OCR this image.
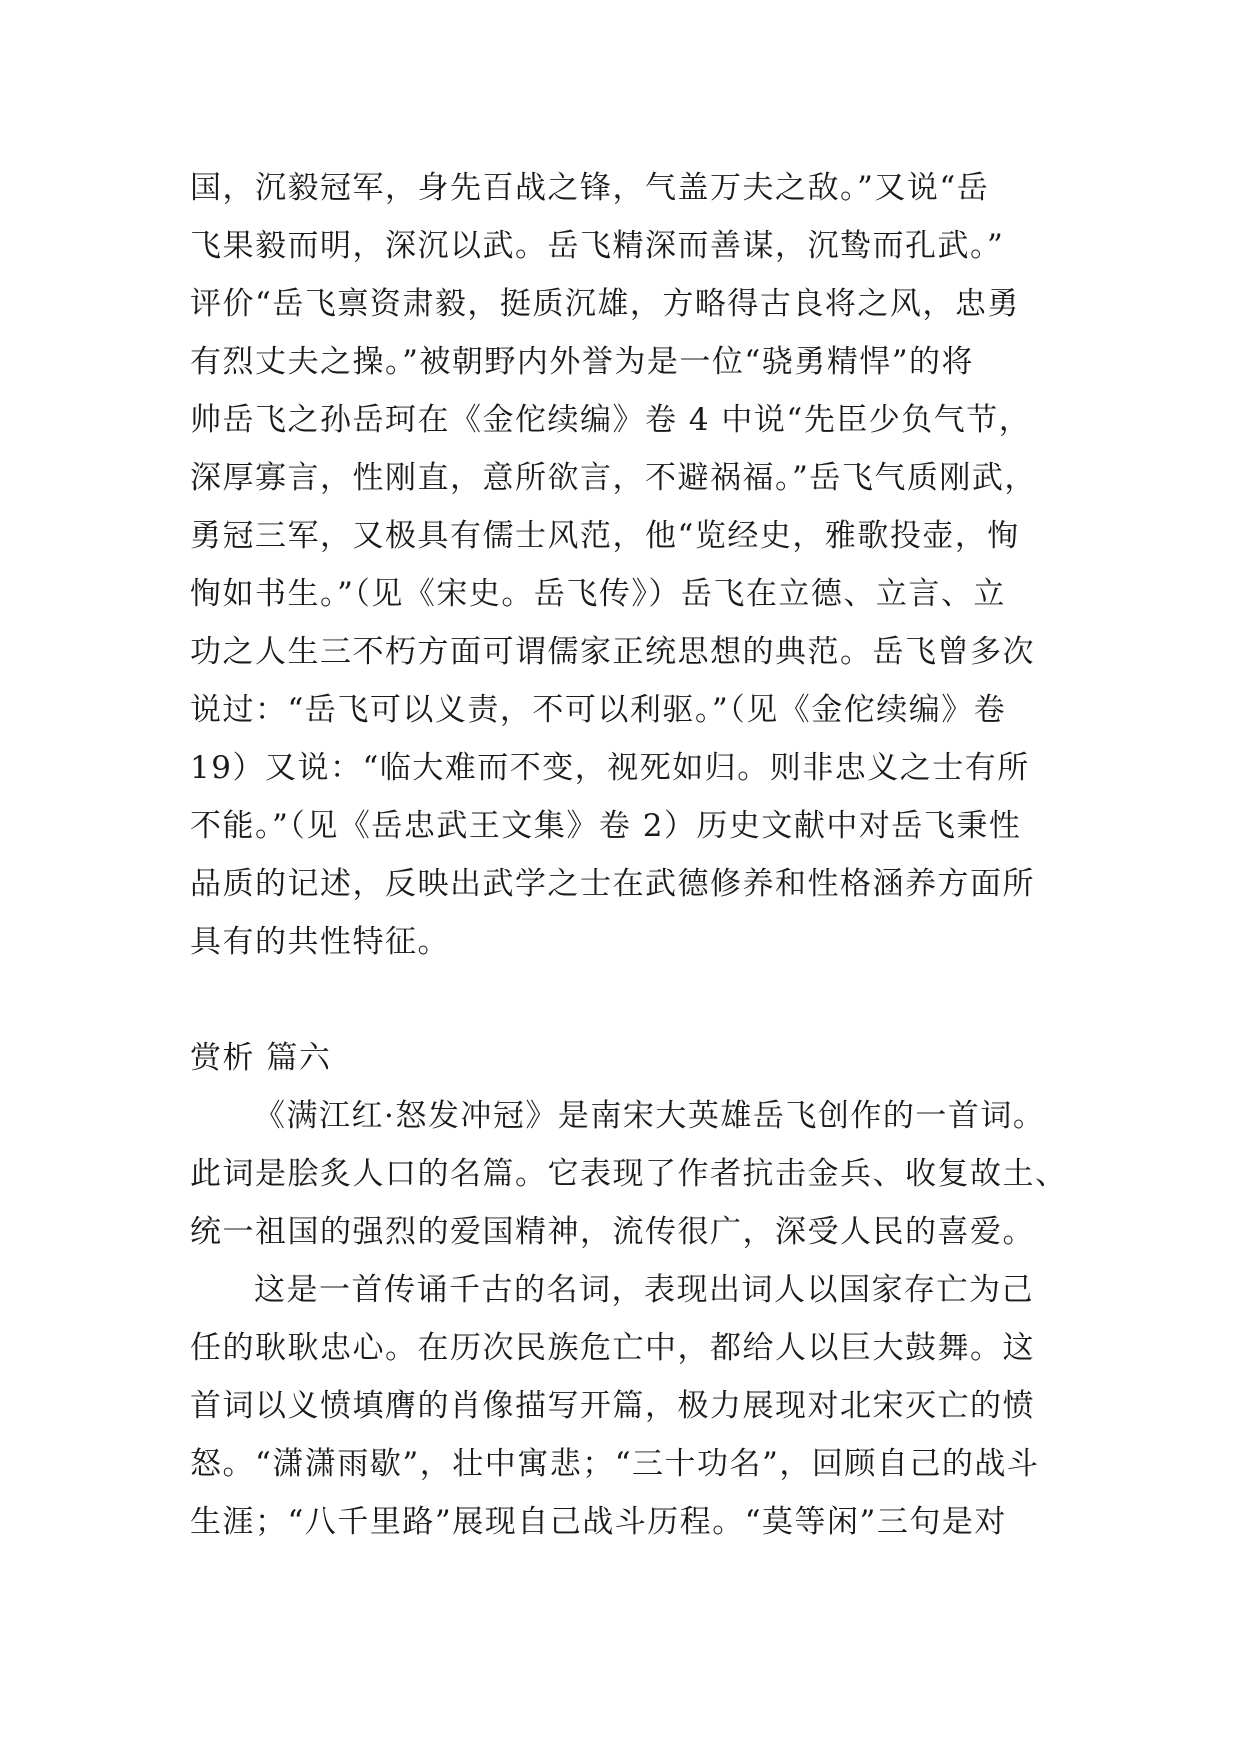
国，沉毅冠军，身先百战之锋，气盖万夫之敌。”又说“岳
飞果毅而明，深沉以武。岳飞精深而善谋，沉鸷而孔武。”
评价“岳飞禀资肃毅，挺质沉雄，方略得古良将之风，忠勇
有烈丈夫之操。”被朝野内外誉为是一位“骁勇精悍”的将
帅岳飞之孙岳珂在《金佗续编》卷 4 中说“先臣少负气节，
深厚寡言，性刚直，意所欲言，不避祸福。”岳飞气质刚武，
勇冠三军，又极具有儒士风范，他“览经史，雅歌投壶，恂
恂如书生。”（见《宋史。岳飞传》）岳飞在立德、立言、立
功之人生三不朽方面可谓儒家正统思想的典范。岳飞曾多次
说过：“岳飞可以义责，不可以利驱。”（见《金佗续编》卷
19）又说：“临大难而不变，视死如归。则非忠义之士有所
不能。”（见《岳忠武王文集》卷 2）历史文献中对岳飞秉性
品质的记述，反映出武学之士在武德修养和性格涵养方面所
具有的共性特征。
赏析 篇六
《满江红·怒发冲冠》是南宋大英雄岳飞创作的一首词。
此词是脍炙人口的名篇。它表现了作者抗击金兵、收复故土、
统一祖国的强烈的爱国精神，流传很广，深受人民的喜爱。
这是一首传诵千古的名词，表现出词人以国家存亡为己
任的耿耿忠心。在历次民族危亡中，都给人以巨大鼓舞。这
首词以义愤填膺的肖像描写开篇，极力展现对北宋灭亡的愤
怒。“潇潇雨歇”，壮中寓悲；“三十功名”，回顾自己的战斗
生涯；“八千里路”展现自己战斗历程。“莫等闲”三句是对
